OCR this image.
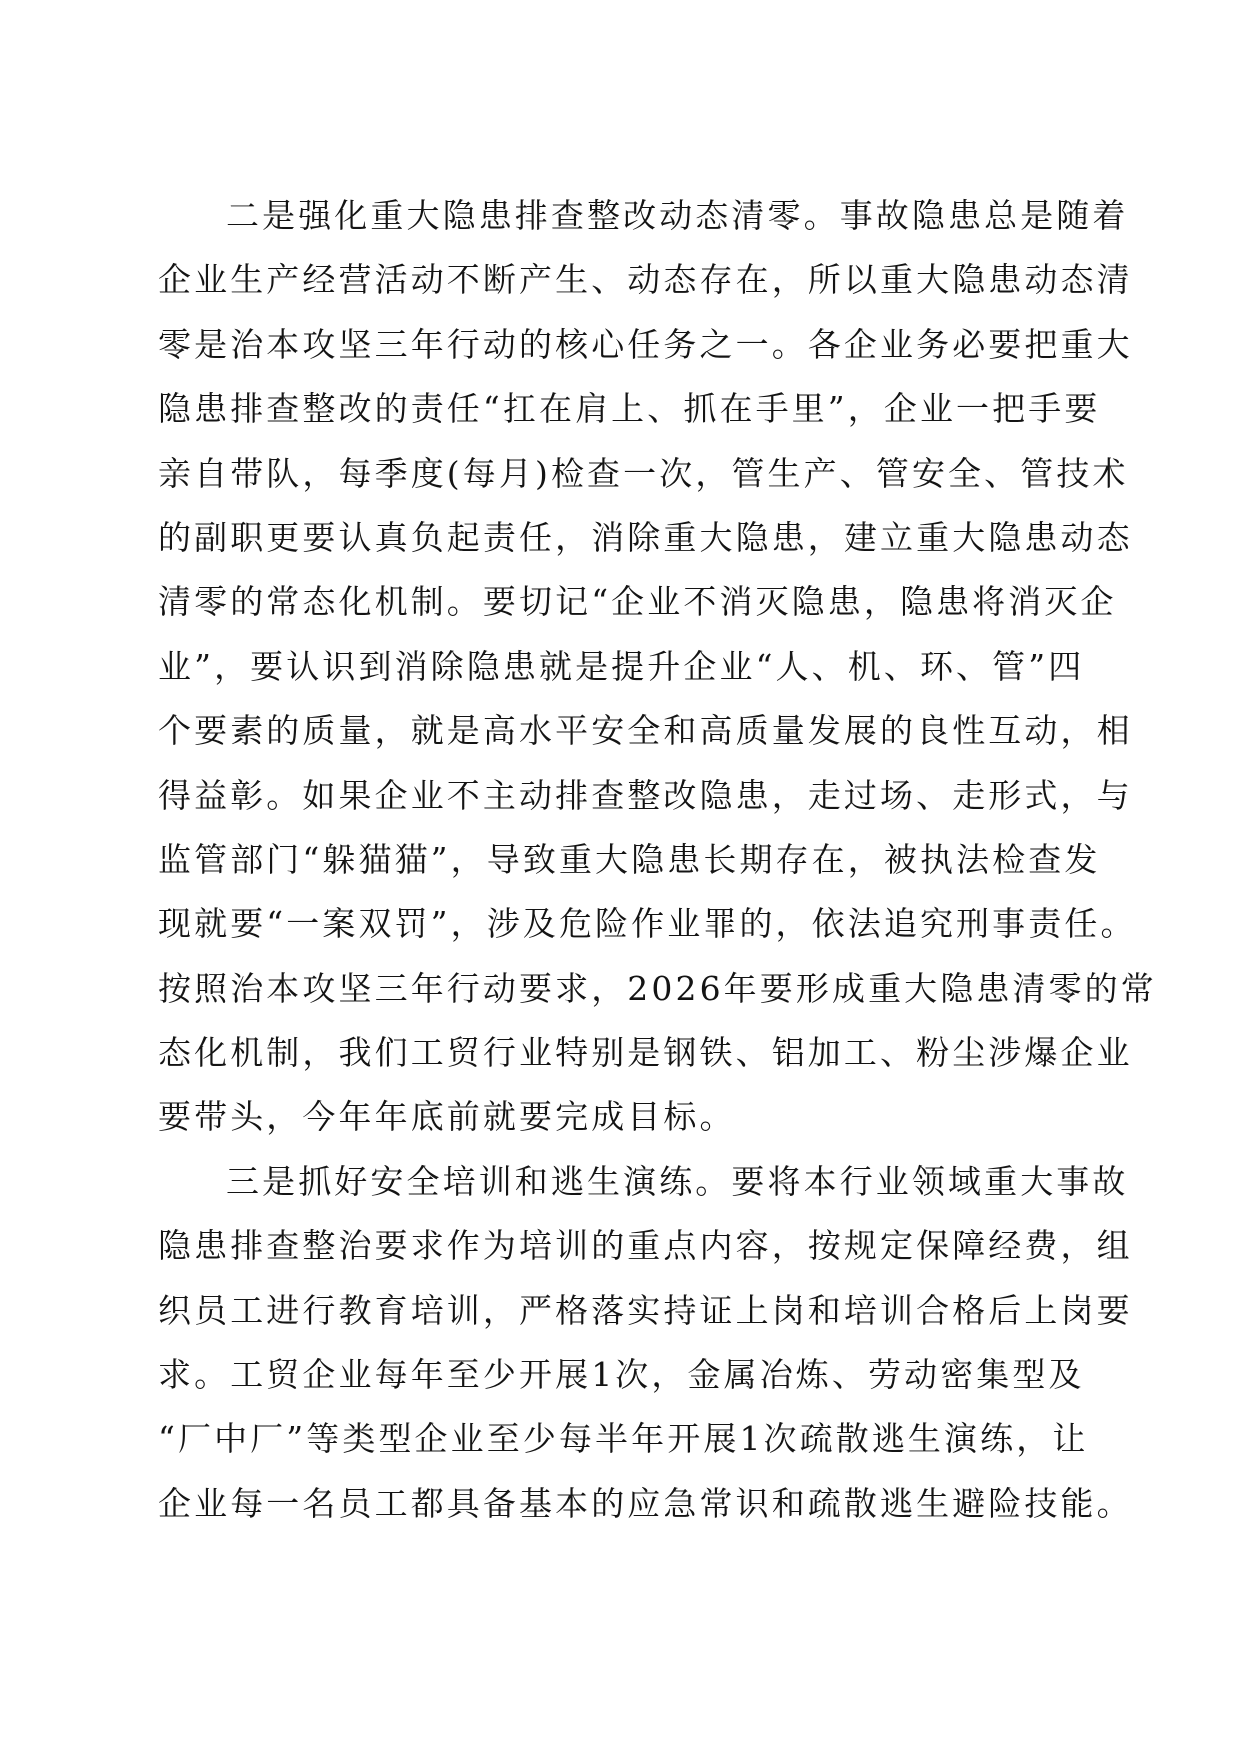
二是强化重大隐患排查整改动态清零。事故隐患总是随着
企业生产经营活动不断产生、动态存在，所以重大隐患动态清
零是治本攻坚三年行动的核心任务之一。各企业务必要把重大
隐患排查整改的责任“扛在肩上、抓在手里”，企业一把手要
亲自带队，每季度(每月)检查一次，管生产、管安全、管技术
的副职更要认真负起责任，消除重大隐患，建立重大隐患动态
清零的常态化机制。要切记“企业不消灭隐患，隐患将消灭企
业”，要认识到消除隐患就是提升企业“人、机、环、管”四
个要素的质量，就是高水平安全和高质量发展的良性互动，相
得益彰。如果企业不主动排查整改隐患，走过场、走形式，与
监管部门“躲猫猫”，导致重大隐患长期存在，被执法检查发
现就要“一案双罚”，涉及危险作业罪的，依法追究刑事责任。
按照治本攻坚三年行动要求，2026年要形成重大隐患清零的常
态化机制，我们工贸行业特别是钢铁、铝加工、粉尘涉爆企业
要带头，今年年底前就要完成目标。
三是抓好安全培训和逃生演练。要将本行业领域重大事故
隐患排查整治要求作为培训的重点内容，按规定保障经费，组
织员工进行教育培训，严格落实持证上岗和培训合格后上岗要
求。工贸企业每年至少开展1次，金属冶炼、劳动密集型及
“厂中厂”等类型企业至少每半年开展1次疏散逃生演练，让
企业每一名员工都具备基本的应急常识和疏散逃生避险技能。
